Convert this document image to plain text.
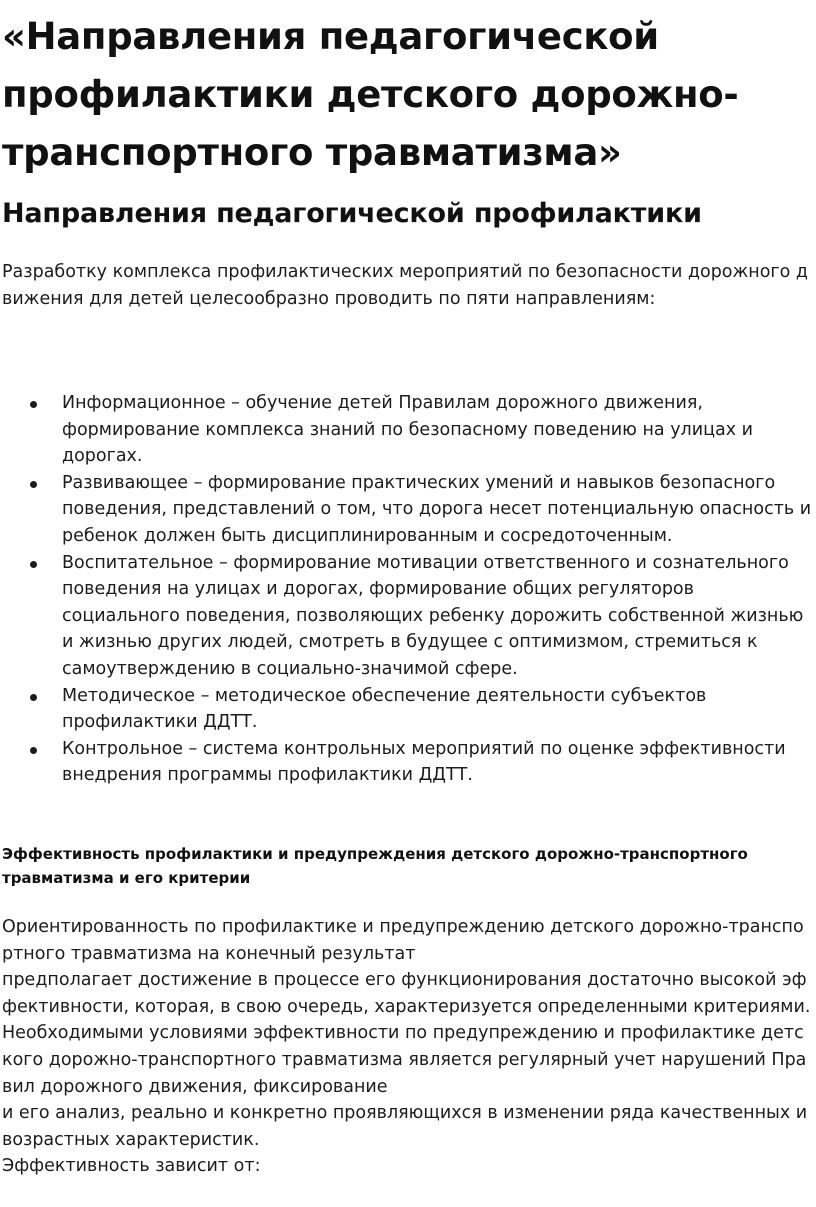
«Направления педагогической профилактики детского дорожно-транспортного травматизма»
Направления педагогической профилактики

Разработку комплекса профилактических мероприятий по безопасности дорожного движения для детей целесообразно проводить по пяти направлениям:

Информационное – обучение детей Правилам дорожного движения, формирование комплекса знаний по безопасному поведению на улицах и дорогах.
Развивающее – формирование практических умений и навыков безопасного поведения, представлений о том, что дорога несет потенциальную опасность и ребенок должен быть дисциплинированным и сосредоточенным.
Воспитательное – формирование мотивации ответственного и сознательного поведения на улицах и дорогах, формирование общих регуляторов социального поведения, позволяющих ребенку дорожить собственной жизнью и жизнью других людей, смотреть в будущее с оптимизмом, стремиться к самоутверждению в социально-значимой сфере.
Методическое – методическое обеспечение деятельности субъектов профилактики ДДТТ.
Контрольное – система контрольных мероприятий по оценке эффективности внедрения программы профилактики ДДТТ.
Эффективность профилактики и предупреждения детского дорожно-транспортного травматизма и его критерии
Ориентированность по профилактике и предупреждению детского дорожно-транспортного травматизма на конечный результат
предполагает достижение в процессе его функционирования достаточно высокой эффективности, которая, в свою очередь, характеризуется определенными критериями. Необходимыми условиями эффективности по предупреждению и профилактике детского дорожно-транспортного травматизма является регулярный учет нарушений Правил дорожного движения, фиксирование
и его анализ, реально и конкретно проявляющихся в изменении ряда качественных и возрастных характеристик.
Эффективность зависит от:
